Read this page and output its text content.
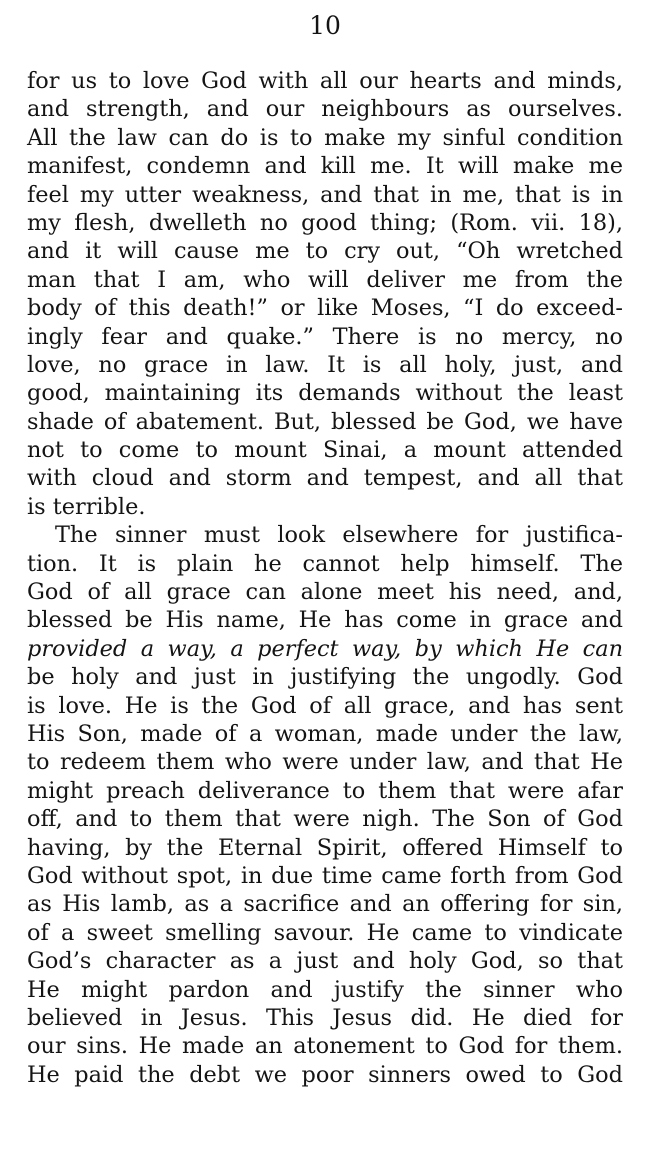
10
for us to love God with all our hearts and minds,
and strength, and our neighbours as ourselves.
All the law can do is to make my sinful condition
manifest, condemn and kill me. It will make me
feel my utter weakness, and that in me, that is in
my flesh, dwelleth no good thing; (Rom. vii. 18),
and it will cause me to cry out, “Oh wretched
man that I am, who will deliver me from the
body of this death!” or like Moses, “I do exceed-
ingly fear and quake.” There is no mercy, no
love, no grace in law. It is all holy, just, and
good, maintaining its demands without the least
shade of abatement. But, blessed be God, we have
not to come to mount Sinai, a mount attended
with cloud and storm and tempest, and all that
is terrible.
The sinner must look elsewhere for justifica-
tion. It is plain he cannot help himself. The
God of all grace can alone meet his need, and,
blessed be His name, He has come in grace and
provided a way, a perfect way, by which He can
be holy and just in justifying the ungodly. God
is love. He is the God of all grace, and has sent
His Son, made of a woman, made under the law,
to redeem them who were under law, and that He
might preach deliverance to them that were afar
off, and to them that were nigh. The Son of God
having, by the Eternal Spirit, offered Himself to
God without spot, in due time came forth from God
as His lamb, as a sacrifice and an offering for sin,
of a sweet smelling savour. He came to vindicate
God’s character as a just and holy God, so that
He might pardon and justify the sinner who
believed in Jesus. This Jesus did. He died for
our sins. He made an atonement to God for them.
He paid the debt we poor sinners owed to God
